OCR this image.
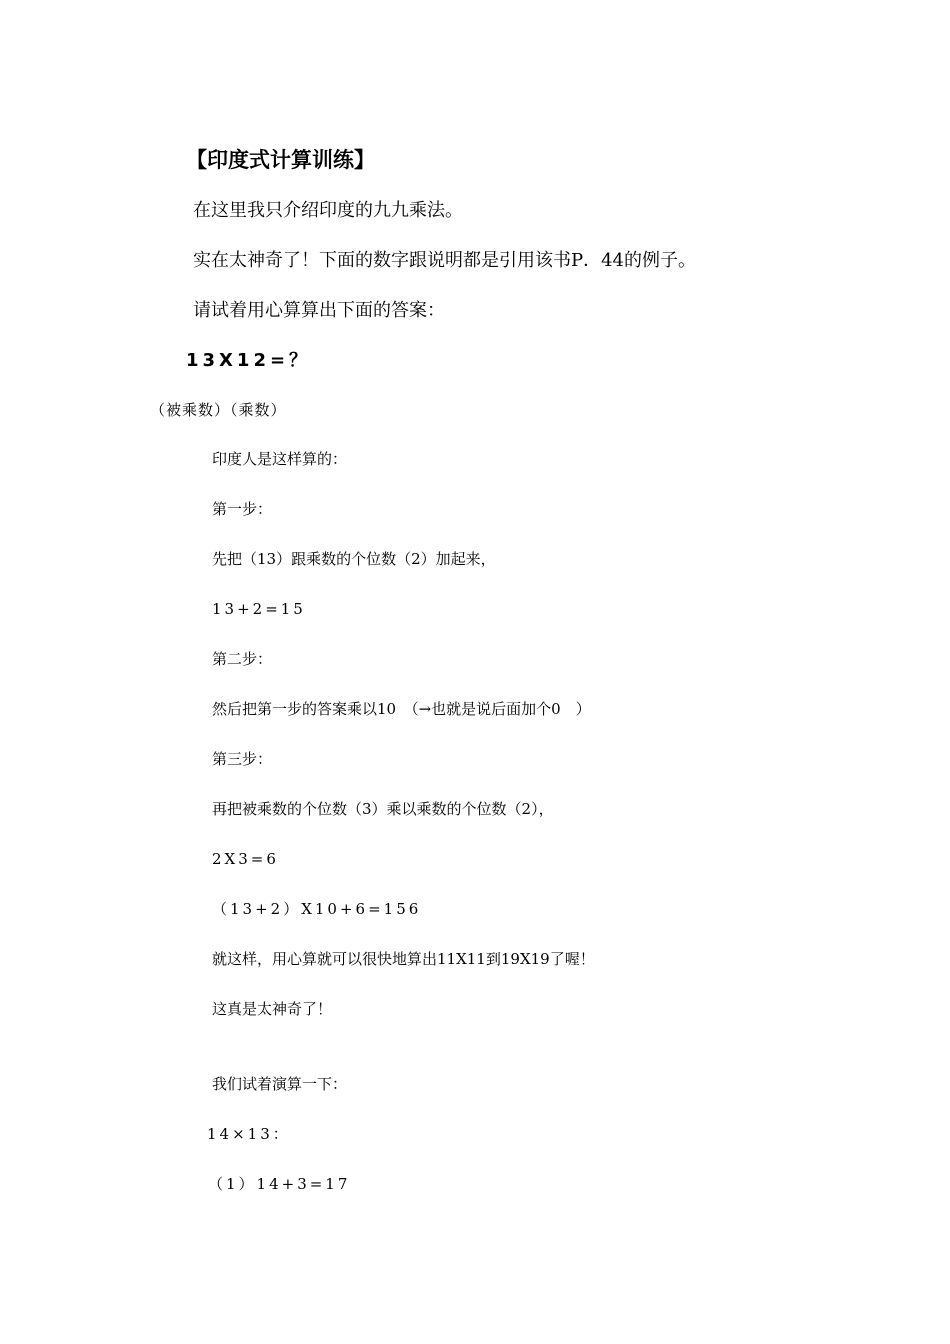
【印度式计算训练】
在这里我只介绍印度的九九乘法。
实在太神奇了！下面的数字跟说明都是引用该书P．44的例子。
请试着用心算算出下面的答案：
13X12=？
（被乘数）（乘数）
印度人是这样算的：
第一步：
先把（13）跟乘数的个位数（2）加起来，
13+2=15
第二步：
然后把第一步的答案乘以10　（→也就是说后面加个0　）
第三步：
再把被乘数的个位数（3）乘以乘数的个位数（2），
2X3=6
（13+2）X10+6=156
就这样，用心算就可以很快地算出11X11到19X19了喔！
这真是太神奇了！
我们试着演算一下：
14×13：
（1）14+3=17
